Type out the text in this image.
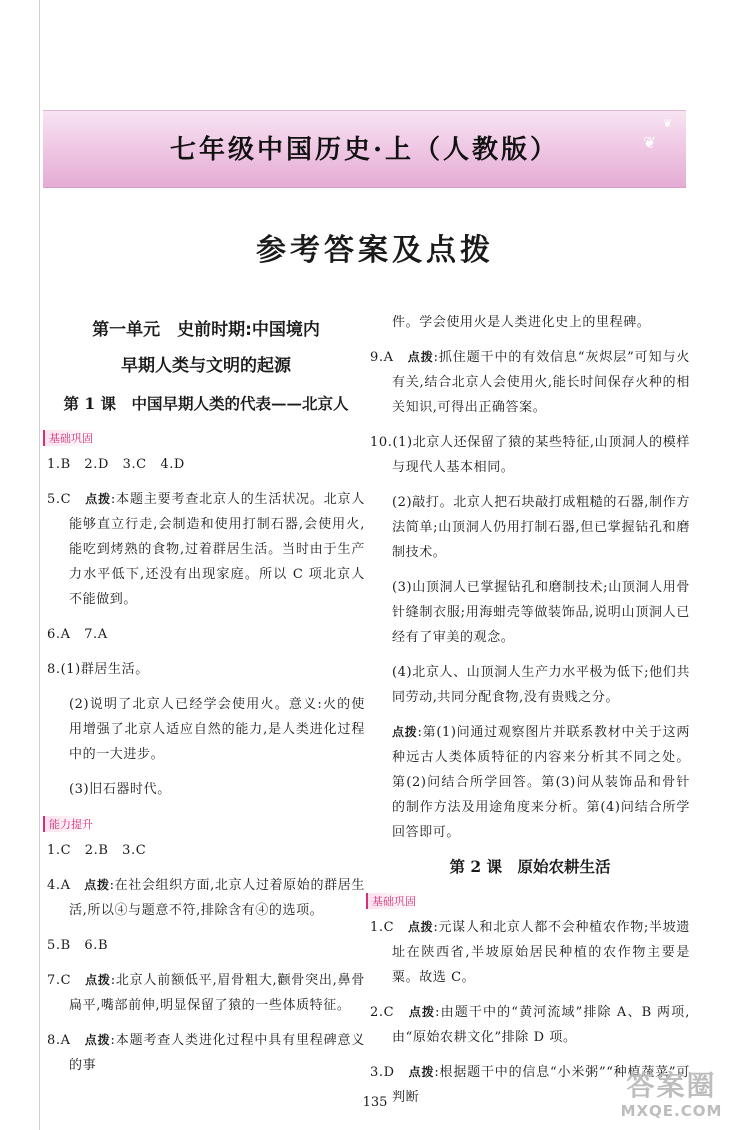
❦
❦
七年级中国历史·上（人教版）
参考答案及点拨
第一单元　史前时期:中国境内
早期人类与文明的起源
第 1 课　中国早期人类的代表——北京人
基础巩固

1.B　2.D　3.C　4.D

5.C　点拨:本题主要考查北京人的生活状况。北京人能够直立行走,会制造和使用打制石器,会使用火,能吃到烤熟的食物,过着群居生活。当时由于生产力水平低下,还没有出现家庭。所以 C 项北京人不能做到。

6.A　7.A

8.(1)群居生活。

(2)说明了北京人已经学会使用火。意义:火的使用增强了北京人适应自然的能力,是人类进化过程中的一大进步。

(3)旧石器时代。

能力提升

1.C　2.B　3.C

4.A　点拨:在社会组织方面,北京人过着原始的群居生活,所以④与题意不符,排除含有④的选项。

5.B　6.B

7.C　点拨:北京人前额低平,眉骨粗大,颧骨突出,鼻骨扁平,嘴部前伸,明显保留了猿的一些体质特征。

8.A　点拨:本题考查人类进化过程中具有里程碑意义的事

件。学会使用火是人类进化史上的里程碑。

9.A　点拨:抓住题干中的有效信息“灰烬层”可知与火有关,结合北京人会使用火,能长时间保存火种的相关知识,可得出正确答案。

10.(1)北京人还保留了猿的某些特征,山顶洞人的模样与现代人基本相同。

(2)敲打。北京人把石块敲打成粗糙的石器,制作方法简单;山顶洞人仍用打制石器,但已掌握钻孔和磨制技术。

(3)山顶洞人已掌握钻孔和磨制技术;山顶洞人用骨针缝制衣服;用海蚶壳等做装饰品,说明山顶洞人已经有了审美的观念。

(4)北京人、山顶洞人生产力水平极为低下;他们共同劳动,共同分配食物,没有贵贱之分。

点拨:第(1)问通过观察图片并联系教材中关于这两种远古人类体质特征的内容来分析其不同之处。第(2)问结合所学回答。第(3)问从装饰品和骨针的制作方法及用途角度来分析。第(4)问结合所学回答即可。

第 2 课　原始农耕生活
基础巩固

1.C　点拨:元谋人和北京人都不会种植农作物;半坡遗址在陕西省,半坡原始居民种植的农作物主要是粟。故选 C。

2.C　点拨:由题干中的“黄河流域”排除 A、B 两项,由“原始农耕文化”排除 D 项。

3.D　点拨:根据题干中的信息“小米粥”“种植蔬菜”可判断

135
答案圈
MXQE.COM
